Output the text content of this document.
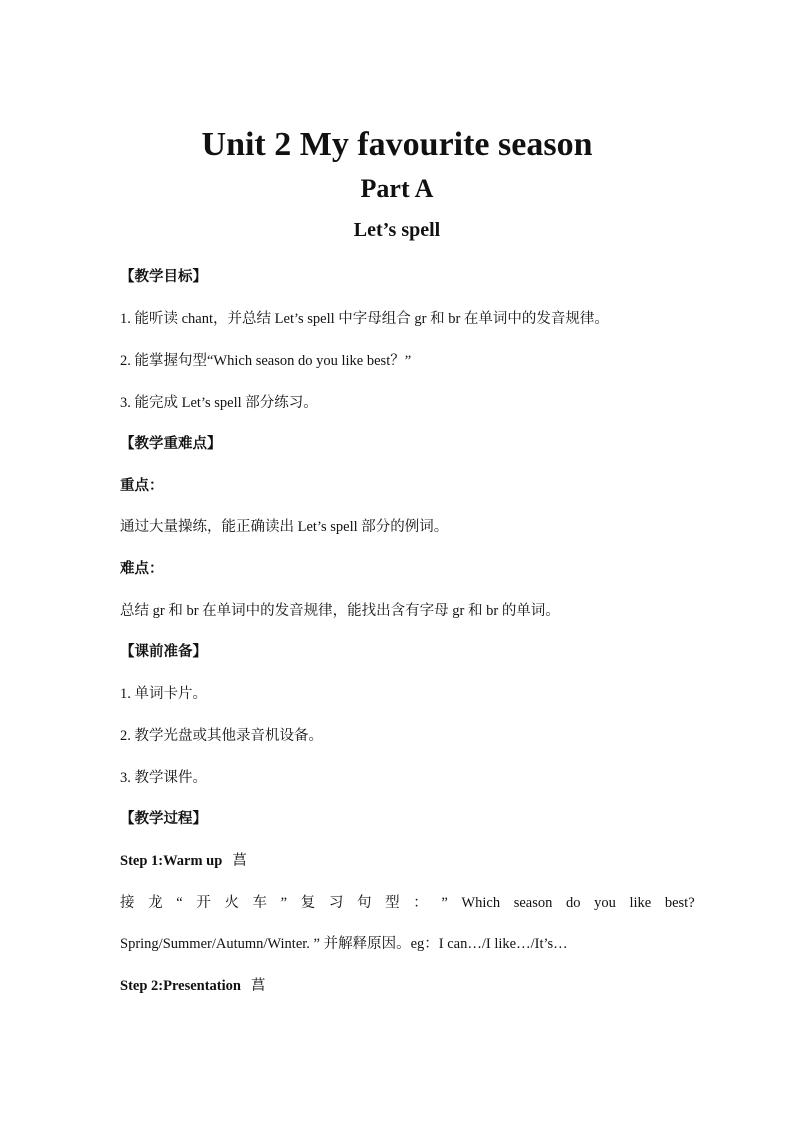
Unit 2 My favourite season
Part A
Let’s spell
【教学目标】
1. 能听读 chant，并总结 Let’s spell 中字母组合 gr 和 br 在单词中的发音规律。
2. 能掌握句型“Which season do you like best？”
3. 能完成 Let’s spell 部分练习。
【教学重难点】
重点：
通过大量操练，能正确读出 Let’s spell 部分的例词。
难点：
总结 gr 和 br 在单词中的发音规律，能找出含有字母 gr 和 br 的单词。
【课前准备】
1. 单词卡片。
2. 教学光盘或其他录音机设备。
3. 教学课件。
【教学过程】
Step 1:Warm up 菖
接 龙 “ 开 火 车 ” 复 习 句 型 ： ” Which season do you like best?
Spring/Summer/Autumn/Winter. ” 并解释原因。eg：I can…/I like…/It’s…
Step 2:Presentation 菖
